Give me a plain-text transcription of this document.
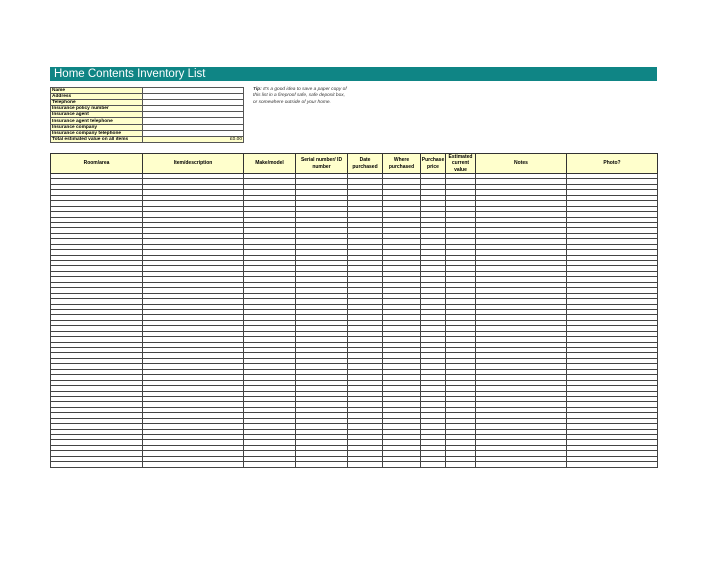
Home Contents Inventory List
Name	
Address	
Telephone	
Insurance policy number	
Insurance agent	
Insurance agent telephone	
Insurance company	
Insurance company telephone	
Total estimated value on all items	£0.00
Tip: It's a good idea to save a paper copy of this list in a fireproof safe, safe deposit box, or somewhere outside of your home.
Room/area	Item/description	Make/model	Serial number/ ID number	Date purchased	Where purchased	Purchase price	Estimated current value	Notes	Photo?
